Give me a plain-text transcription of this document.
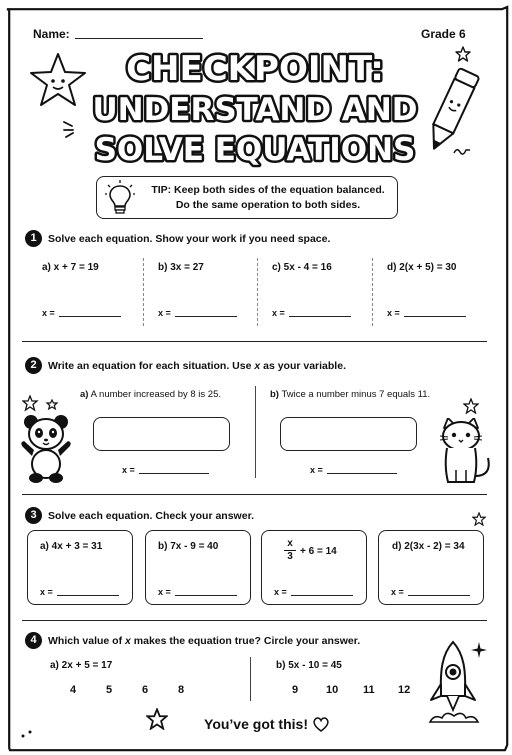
Name:	Grade 6
CHECKPOINT:
UNDERSTAND AND
SOLVE EQUATIONS
TIP: Keep both sides of the equation balanced.
Do the same operation to both sides.
1	Solve each equation. Show your work if you need space.
a) x + 7 = 19	b) 3x = 27	c) 5x - 4 = 16	d) 2(x + 5) = 30
x =	x =	x =	x =
2	Write an equation for each situation. Use x as your variable.
a) A number increased by 8 is 25.	b) Twice a number minus 7 equals 11.
x =	x =
3	Solve each equation. Check your answer.
a) 4x + 3 = 31	b) 7x - 9 = 40	$\frac{x}{3} + 6 = 14$	d) 2(3x - 2) = 34
x =	x =	x =	x =
4	Which value of x makes the equation true? Circle your answer.
a) 2x + 5 = 17	b) 5x - 10 = 45
4	5	6	8	9	10 11 12
You’ve got this!
